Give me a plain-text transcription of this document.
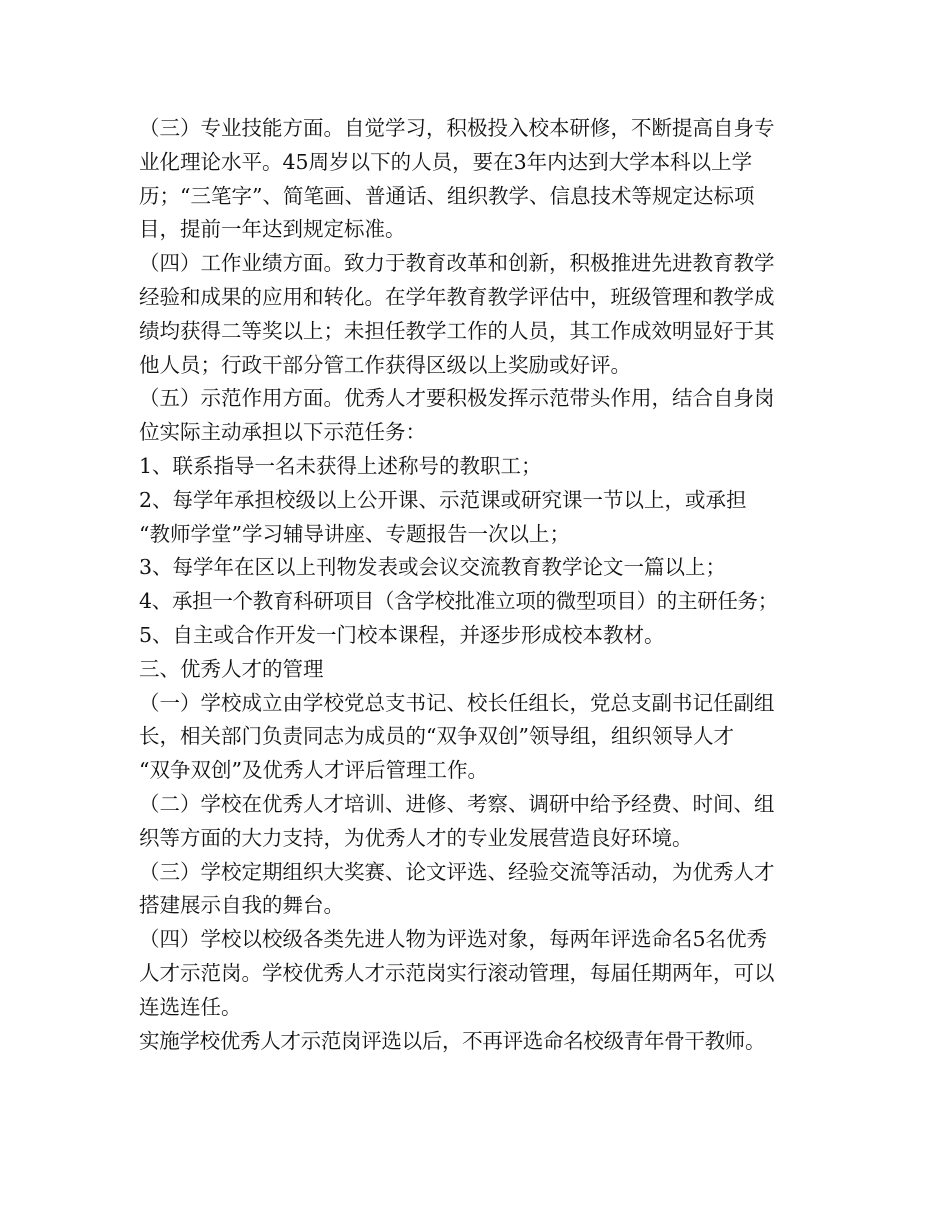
（三）专业技能方面。自觉学习，积极投入校本研修，不断提高自身专
业化理论水平。45周岁以下的人员，要在3年内达到大学本科以上学
历；“三笔字”、简笔画、普通话、组织教学、信息技术等规定达标项
目，提前一年达到规定标准。
（四）工作业绩方面。致力于教育改革和创新，积极推进先进教育教学
经验和成果的应用和转化。在学年教育教学评估中，班级管理和教学成
绩均获得二等奖以上；未担任教学工作的人员，其工作成效明显好于其
他人员；行政干部分管工作获得区级以上奖励或好评。
（五）示范作用方面。优秀人才要积极发挥示范带头作用，结合自身岗
位实际主动承担以下示范任务：
1、联系指导一名未获得上述称号的教职工；
2、每学年承担校级以上公开课、示范课或研究课一节以上，或承担
“教师学堂”学习辅导讲座、专题报告一次以上；
3、每学年在区以上刊物发表或会议交流教育教学论文一篇以上；
4、承担一个教育科研项目（含学校批准立项的微型项目）的主研任务；
5、自主或合作开发一门校本课程，并逐步形成校本教材。
三、优秀人才的管理
（一）学校成立由学校党总支书记、校长任组长，党总支副书记任副组
长，相关部门负责同志为成员的“双争双创”领导组，组织领导人才
“双争双创”及优秀人才评后管理工作。
（二）学校在优秀人才培训、进修、考察、调研中给予经费、时间、组
织等方面的大力支持，为优秀人才的专业发展营造良好环境。
（三）学校定期组织大奖赛、论文评选、经验交流等活动，为优秀人才
搭建展示自我的舞台。
（四）学校以校级各类先进人物为评选对象，每两年评选命名5名优秀
人才示范岗。学校优秀人才示范岗实行滚动管理，每届任期两年，可以
连选连任。
实施学校优秀人才示范岗评选以后，不再评选命名校级青年骨干教师。
